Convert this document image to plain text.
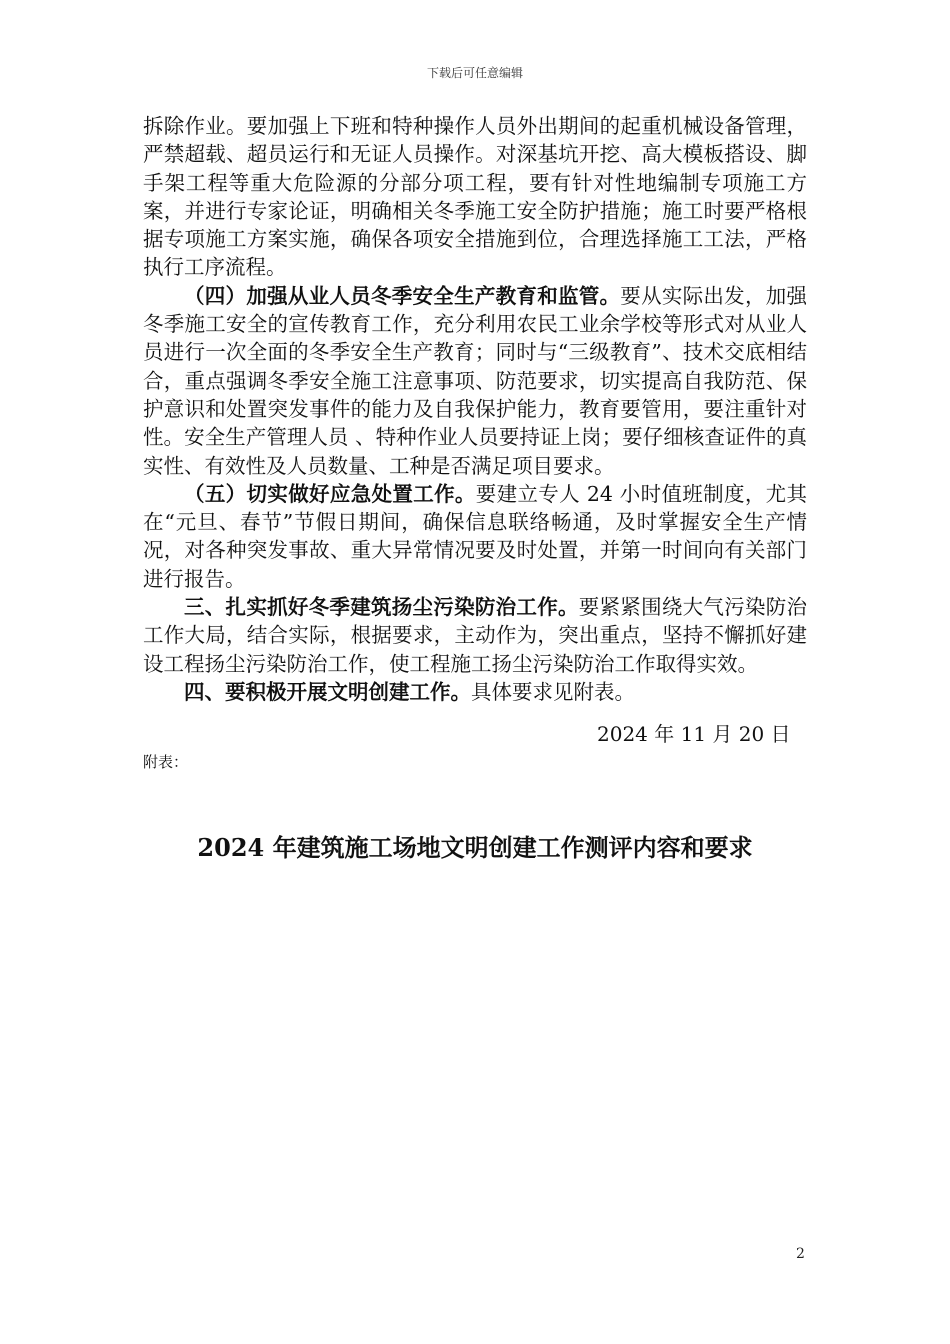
下载后可任意编辑

拆除作业。要加强上下班和特种操作人员外出期间的起重机械设备管理，严禁超载、超员运行和无证人员操作。对深基坑开挖、高大模板搭设、脚手架工程等重大危险源的分部分项工程，要有针对性地编制专项施工方案，并进行专家论证，明确相关冬季施工安全防护措施；施工时要严格根据专项施工方案实施，确保各项安全措施到位，合理选择施工工法，严格执行工序流程。

（四）加强从业人员冬季安全生产教育和监管。要从实际出发，加强冬季施工安全的宣传教育工作，充分利用农民工业余学校等形式对从业人员进行一次全面的冬季安全生产教育；同时与“三级教育”、技术交底相结合，重点强调冬季安全施工注意事项、防范要求，切实提高自我防范、保护意识和处置突发事件的能力及自我保护能力，教育要管用，要注重针对性。安全生产管理人员 、特种作业人员要持证上岗；要仔细核查证件的真实性、有效性及人员数量、工种是否满足项目要求。

（五）切实做好应急处置工作。要建立专人 24 小时值班制度，尤其在“元旦、春节”节假日期间，确保信息联络畅通，及时掌握安全生产情况，对各种突发事故、重大异常情况要及时处置，并第一时间向有关部门进行报告。

三、扎实抓好冬季建筑扬尘污染防治工作。要紧紧围绕大气污染防治工作大局，结合实际，根据要求，主动作为，突出重点，坚持不懈抓好建设工程扬尘污染防治工作，使工程施工扬尘污染防治工作取得实效。

四、要积极开展文明创建工作。具体要求见附表。

2024 年 11 月 20 日
附表：
2024 年建筑施工场地文明创建工作测评内容和要求
2
